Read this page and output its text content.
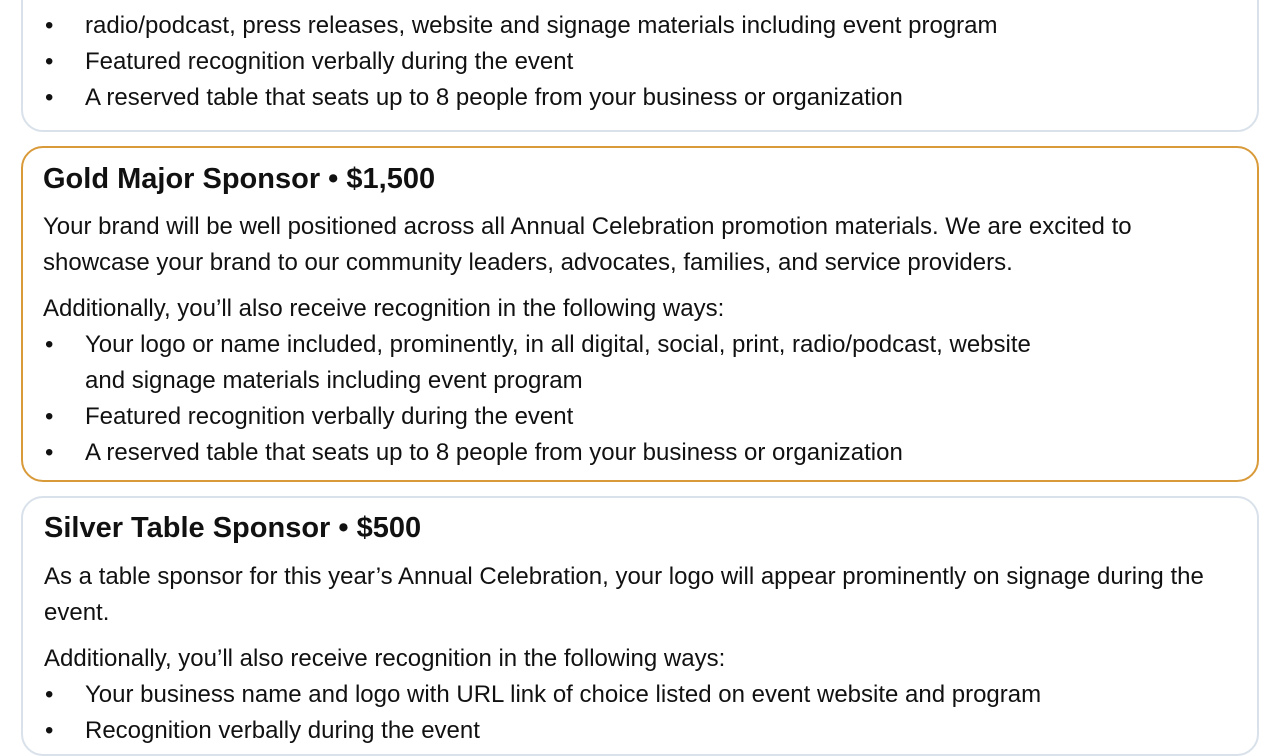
• radio/podcast, press releases, website and signage materials including event program
• Featured recognition verbally during the event
• A reserved table that seats up to 8 people from your business or organization
Gold Major Sponsor • $1,500

Your brand will be well positioned across all Annual Celebration promotion materials. We are excited to showcase your brand to our community leaders, advocates, families, and service providers.

Additionally, you’ll also receive recognition in the following ways:

• Your logo or name included, prominently, in all digital, social, print, radio/podcast, website and signage materials including event program
• Featured recognition verbally during the event
• A reserved table that seats up to 8 people from your business or organization
Silver Table Sponsor • $500

As a table sponsor for this year’s Annual Celebration, your logo will appear prominently on signage during the event.

Additionally, you’ll also receive recognition in the following ways:

• Your business name and logo with URL link of choice listed on event website and program
• Recognition verbally during the event
